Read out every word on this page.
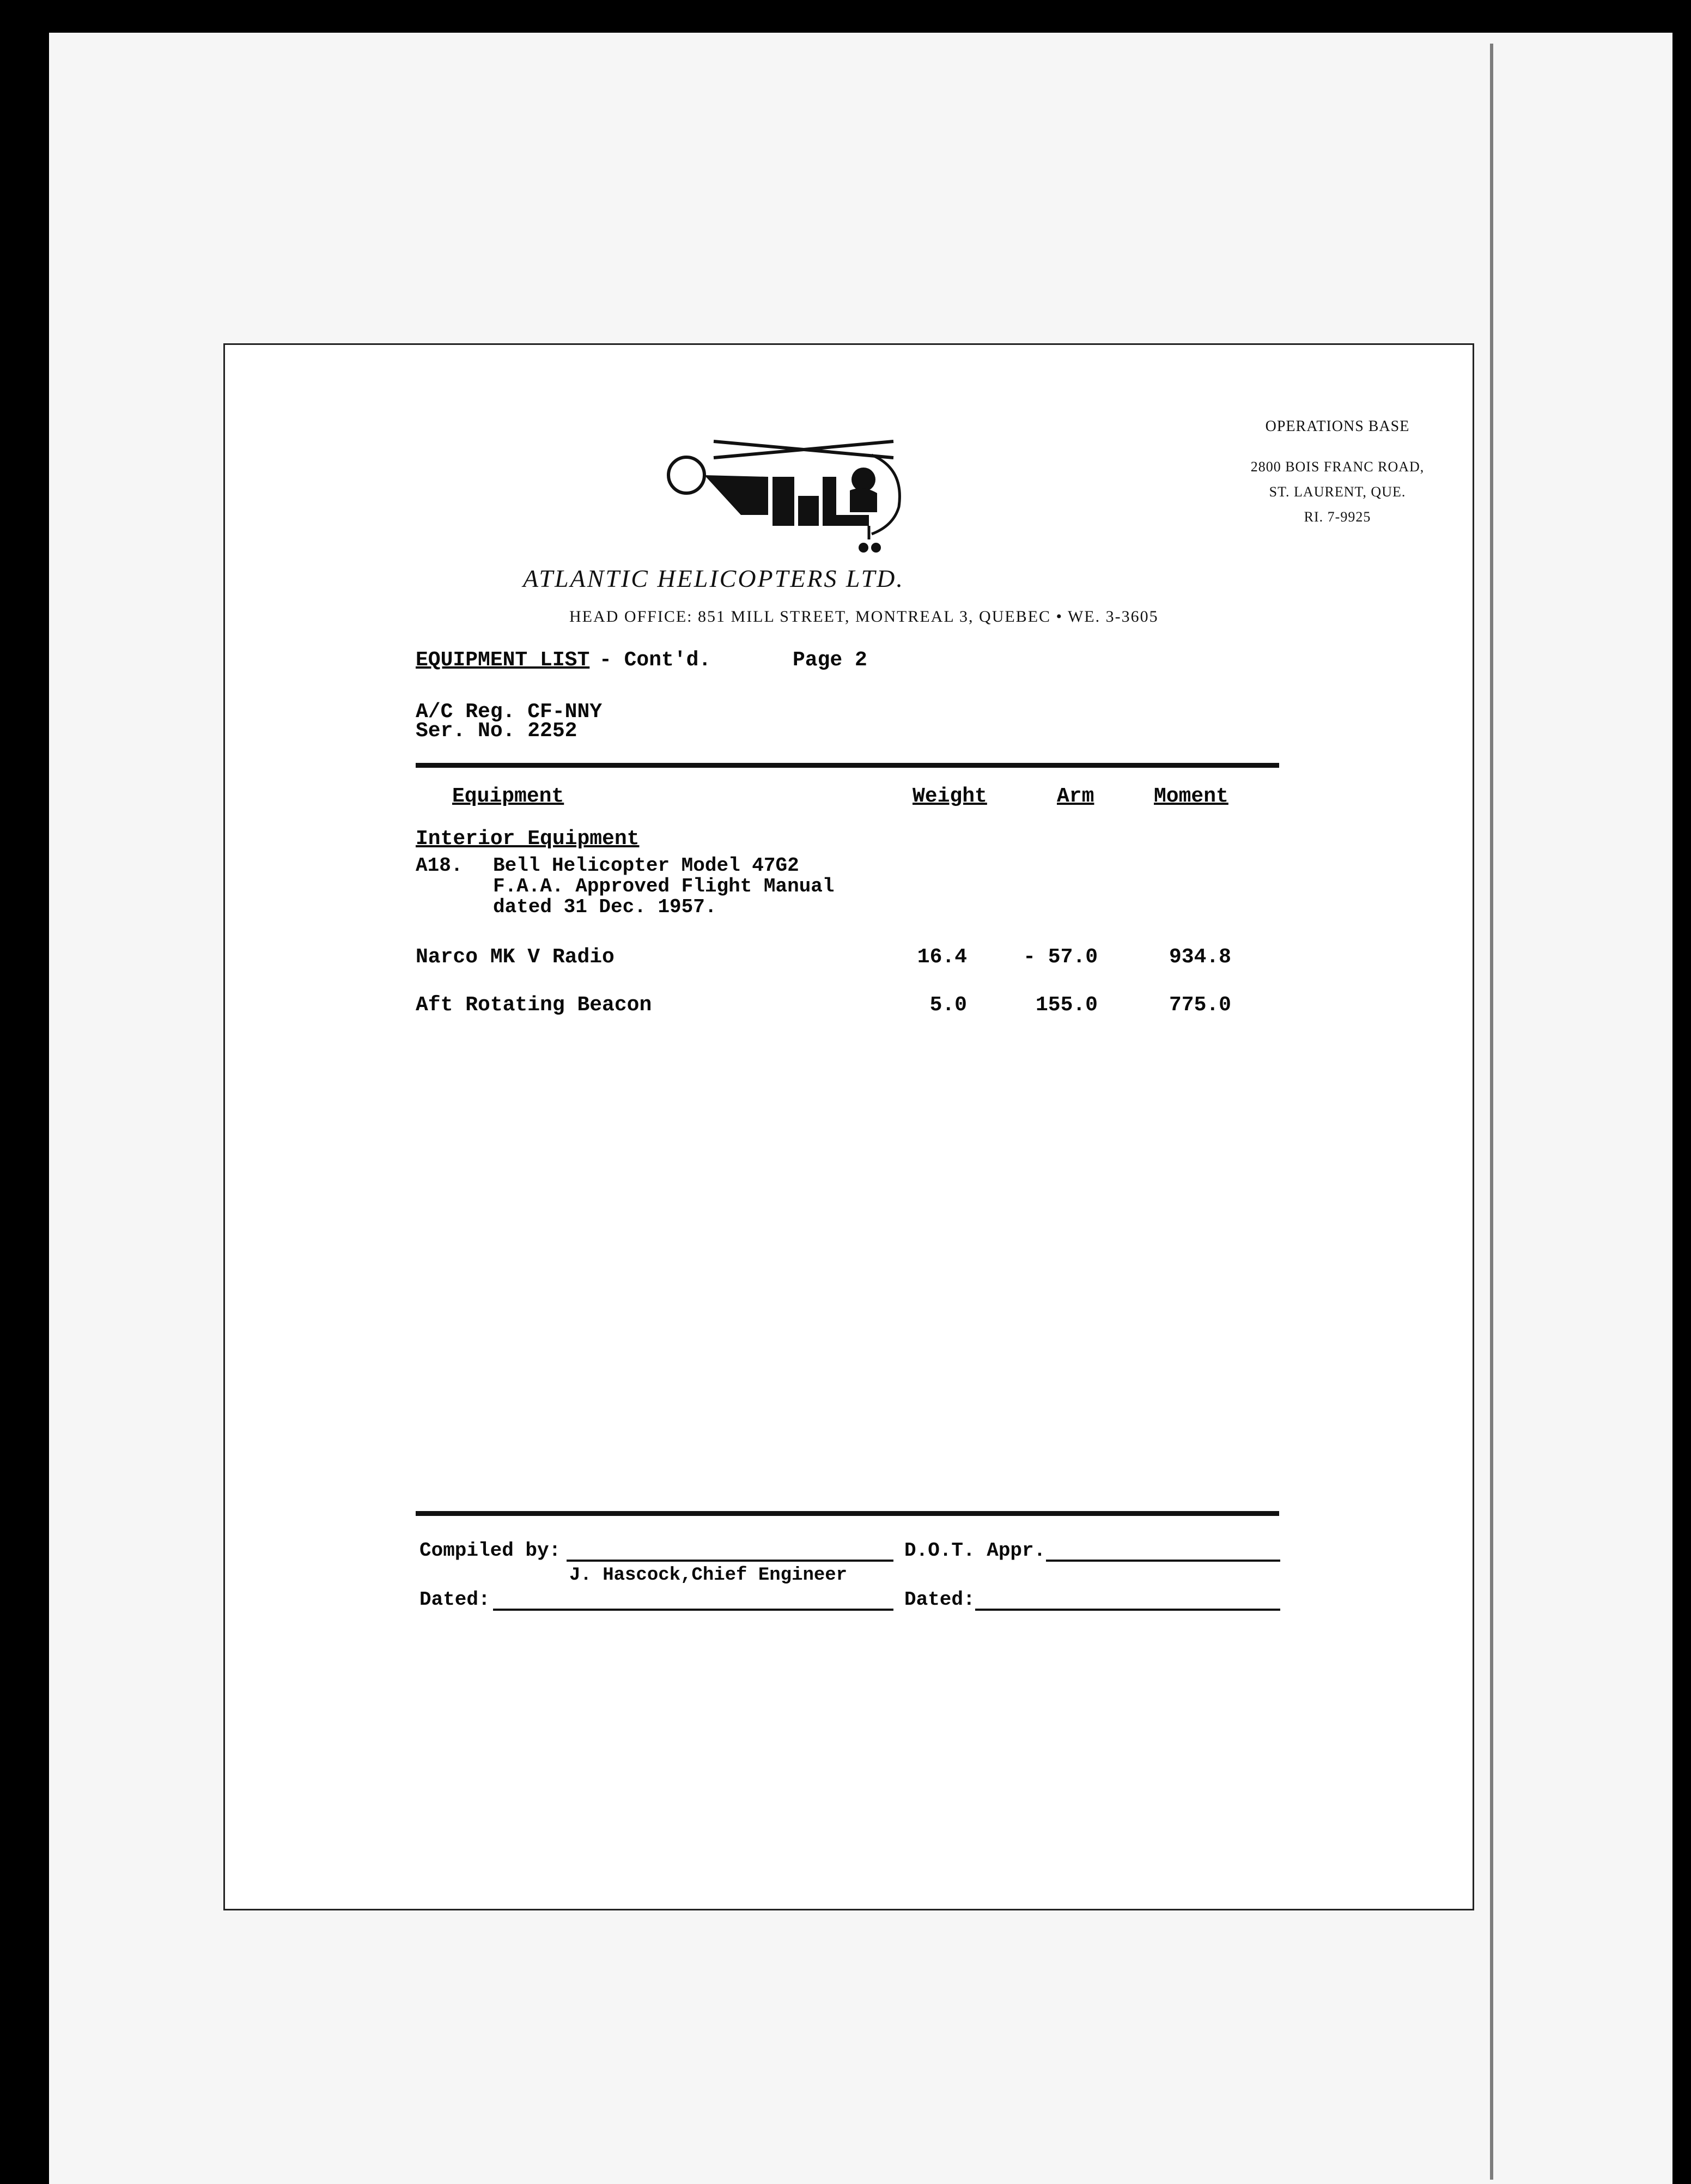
OPERATIONS BASE
2800 BOIS FRANC ROAD,
ST. LAURENT, QUE.
RI. 7-9925
ATLANTIC HELICOPTERS LTD.
HEAD OFFICE: 851 MILL STREET, MONTREAL 3, QUEBEC • WE. 3-3605
EQUIPMENT LIST - Cont'd.	Page 2
A/C Reg. CF-NNY
Ser. No. 2252
Equipment	Weight	Arm	Moment
Interior Equipment
A18. Bell Helicopter Model 47G2
F.A.A. Approved Flight Manual
dated 31 Dec. 1957.
Narco MK V Radio	16.4	- 57.0	934.8
Aft Rotating Beacon	5.0	155.0	775.0
Compiled by:
J. Hascock,Chief Engineer
D.O.T. Appr.
Dated:	Dated:
